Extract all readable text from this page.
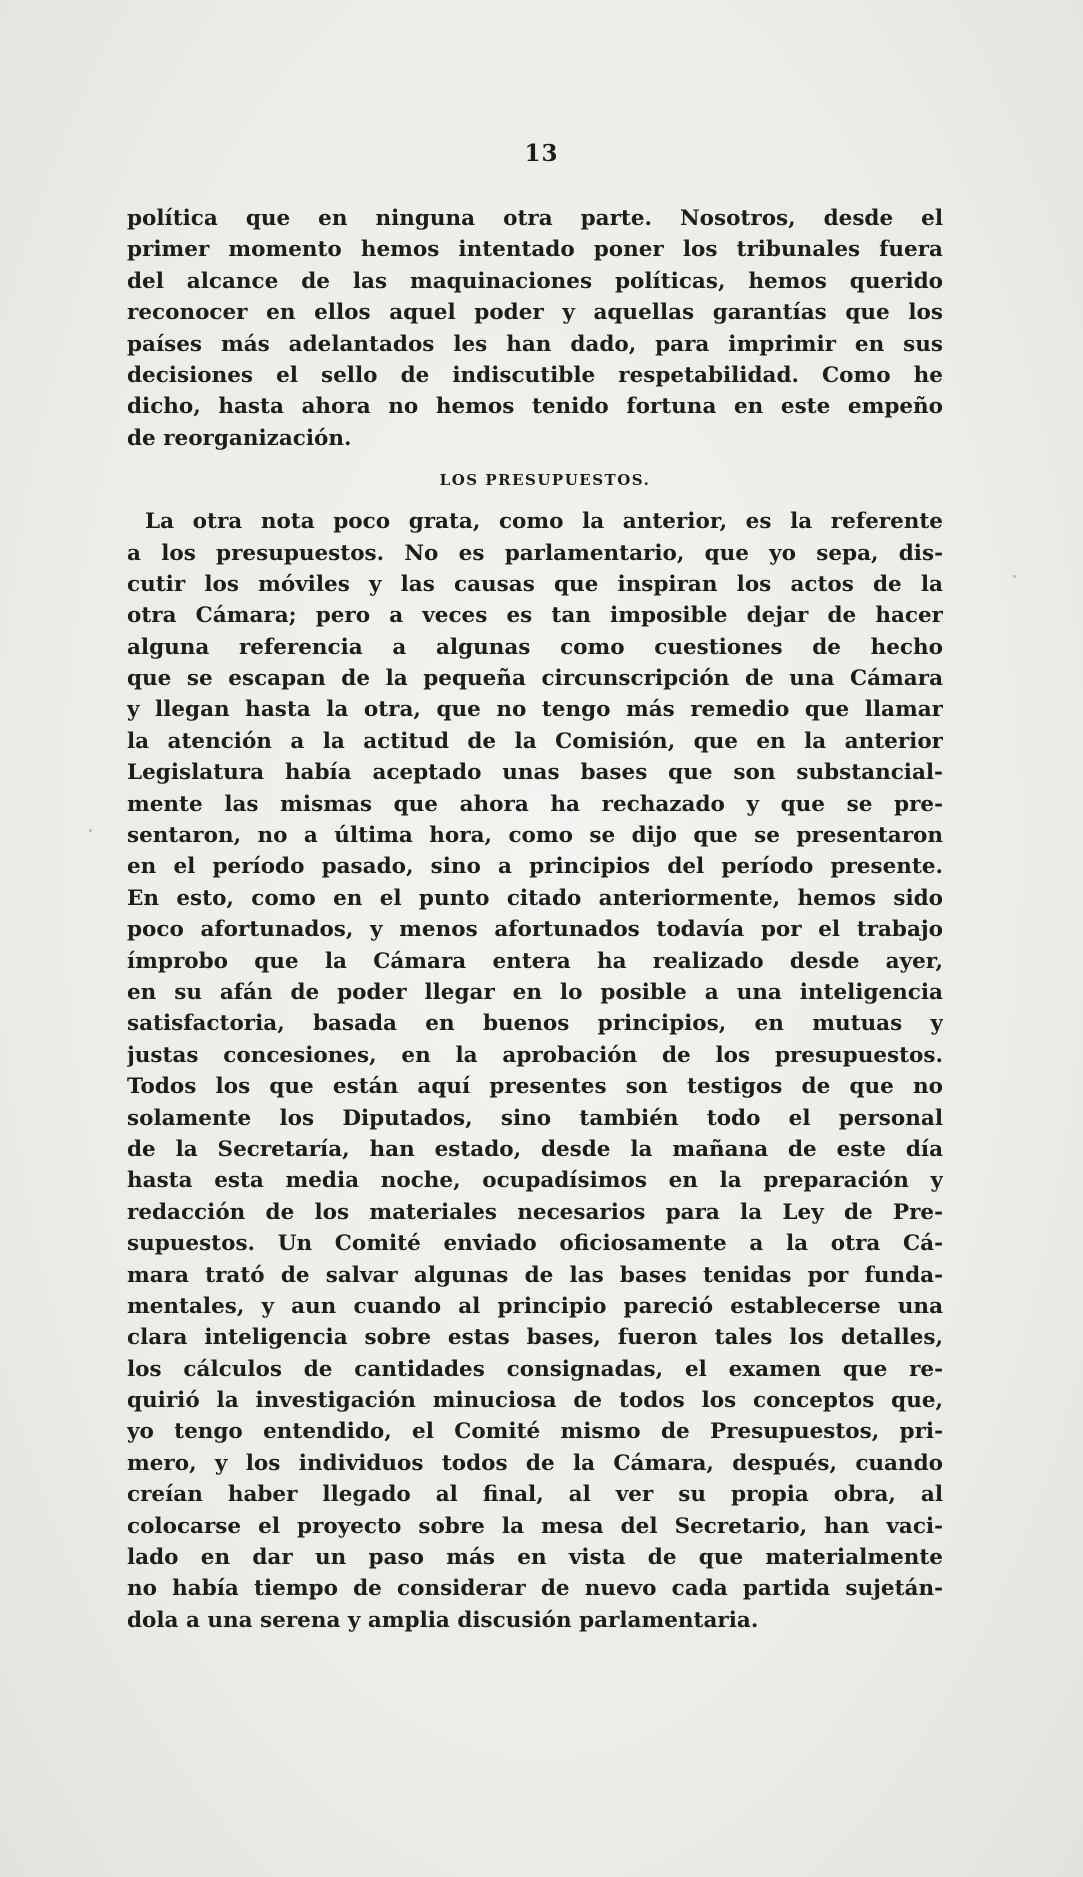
13
política que en ninguna otra parte. Nosotros, desde el
primer momento hemos intentado poner los tribunales fuera
del alcance de las maquinaciones políticas, hemos querido
reconocer en ellos aquel poder y aquellas garantías que los
países más adelantados les han dado, para imprimir en sus
decisiones el sello de indiscutible respetabilidad. Como he
dicho, hasta ahora no hemos tenido fortuna en este empeño
de reorganización.
LOS PRESUPUESTOS.
La otra nota poco grata, como la anterior, es la referente
a los presupuestos. No es parlamentario, que yo sepa, dis-
cutir los móviles y las causas que inspiran los actos de la
otra Cámara; pero a veces es tan imposible dejar de hacer
alguna referencia a algunas como cuestiones de hecho
que se escapan de la pequeña circunscripción de una Cámara
y llegan hasta la otra, que no tengo más remedio que llamar
la atención a la actitud de la Comisión, que en la anterior
Legislatura había aceptado unas bases que son substancial-
mente las mismas que ahora ha rechazado y que se pre-
sentaron, no a última hora, como se dijo que se presentaron
en el período pasado, sino a principios del período presente.
En esto, como en el punto citado anteriormente, hemos sido
poco afortunados, y menos afortunados todavía por el trabajo
ímprobo que la Cámara entera ha realizado desde ayer,
en su afán de poder llegar en lo posible a una inteligencia
satisfactoria, basada en buenos principios, en mutuas y
justas concesiones, en la aprobación de los presupuestos.
Todos los que están aquí presentes son testigos de que no
solamente los Diputados, sino también todo el personal
de la Secretaría, han estado, desde la mañana de este día
hasta esta media noche, ocupadísimos en la preparación y
redacción de los materiales necesarios para la Ley de Pre-
supuestos. Un Comité enviado oficiosamente a la otra Cá-
mara trató de salvar algunas de las bases tenidas por funda-
mentales, y aun cuando al principio pareció establecerse una
clara inteligencia sobre estas bases, fueron tales los detalles,
los cálculos de cantidades consignadas, el examen que re-
quirió la investigación minuciosa de todos los conceptos que,
yo tengo entendido, el Comité mismo de Presupuestos, pri-
mero, y los individuos todos de la Cámara, después, cuando
creían haber llegado al final, al ver su propia obra, al
colocarse el proyecto sobre la mesa del Secretario, han vaci-
lado en dar un paso más en vista de que materialmente
no había tiempo de considerar de nuevo cada partida sujetán-
dola a una serena y amplia discusión parlamentaria.
